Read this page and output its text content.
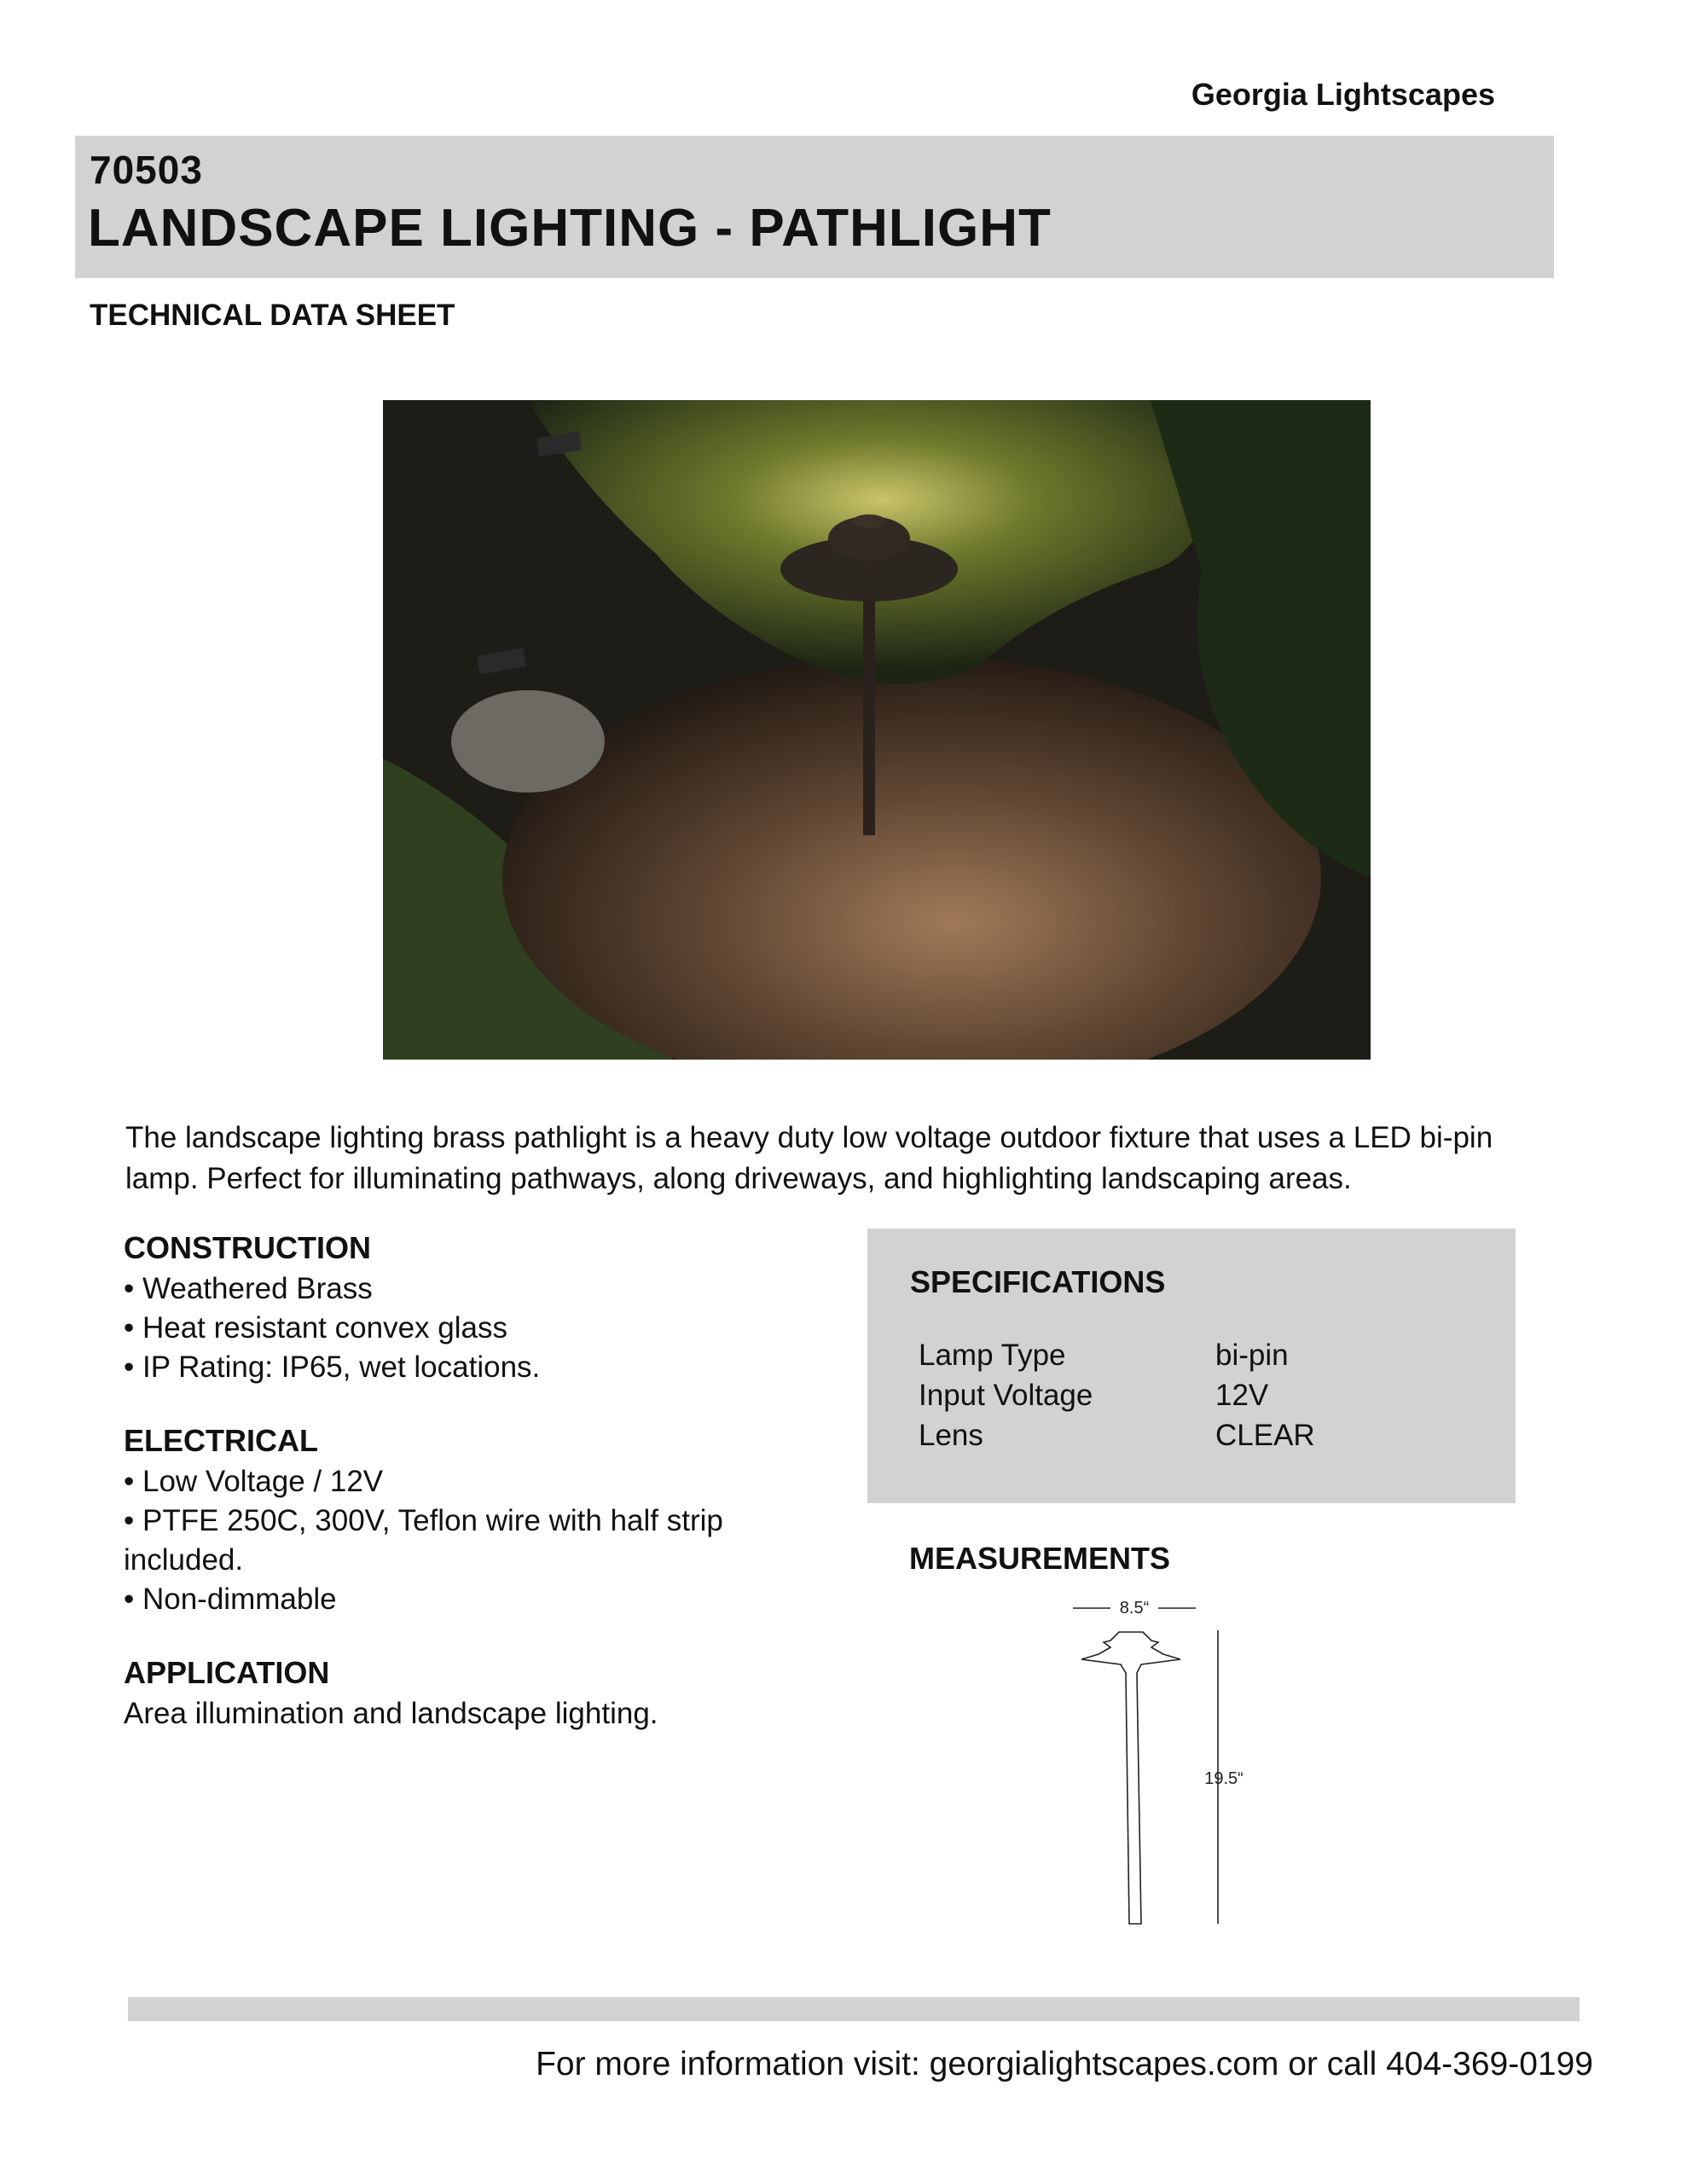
Georgia Lightscapes
70503
LANDSCAPE LIGHTING - PATHLIGHT
TECHNICAL DATA SHEET
The landscape lighting brass pathlight is a heavy duty low voltage outdoor fixture that uses a LED bi-pin lamp. Perfect for illuminating pathways, along driveways, and highlighting landscaping areas.
CONSTRUCTION

• Weathered Brass

• Heat resistant convex glass

• IP Rating: IP65, wet locations.

ELECTRICAL

• Low Voltage / 12V

• PTFE 250C, 300V, Teflon wire with half strip included.

• Non-dimmable

APPLICATION

Area illumination and landscape lighting.

SPECIFICATIONS
Lamp Type	bi-pin
Input Voltage	12V
Lens	CLEAR
MEASUREMENTS
8.5“
19.5“
For more information visit: georgialightscapes.com or call 404-369-0199
